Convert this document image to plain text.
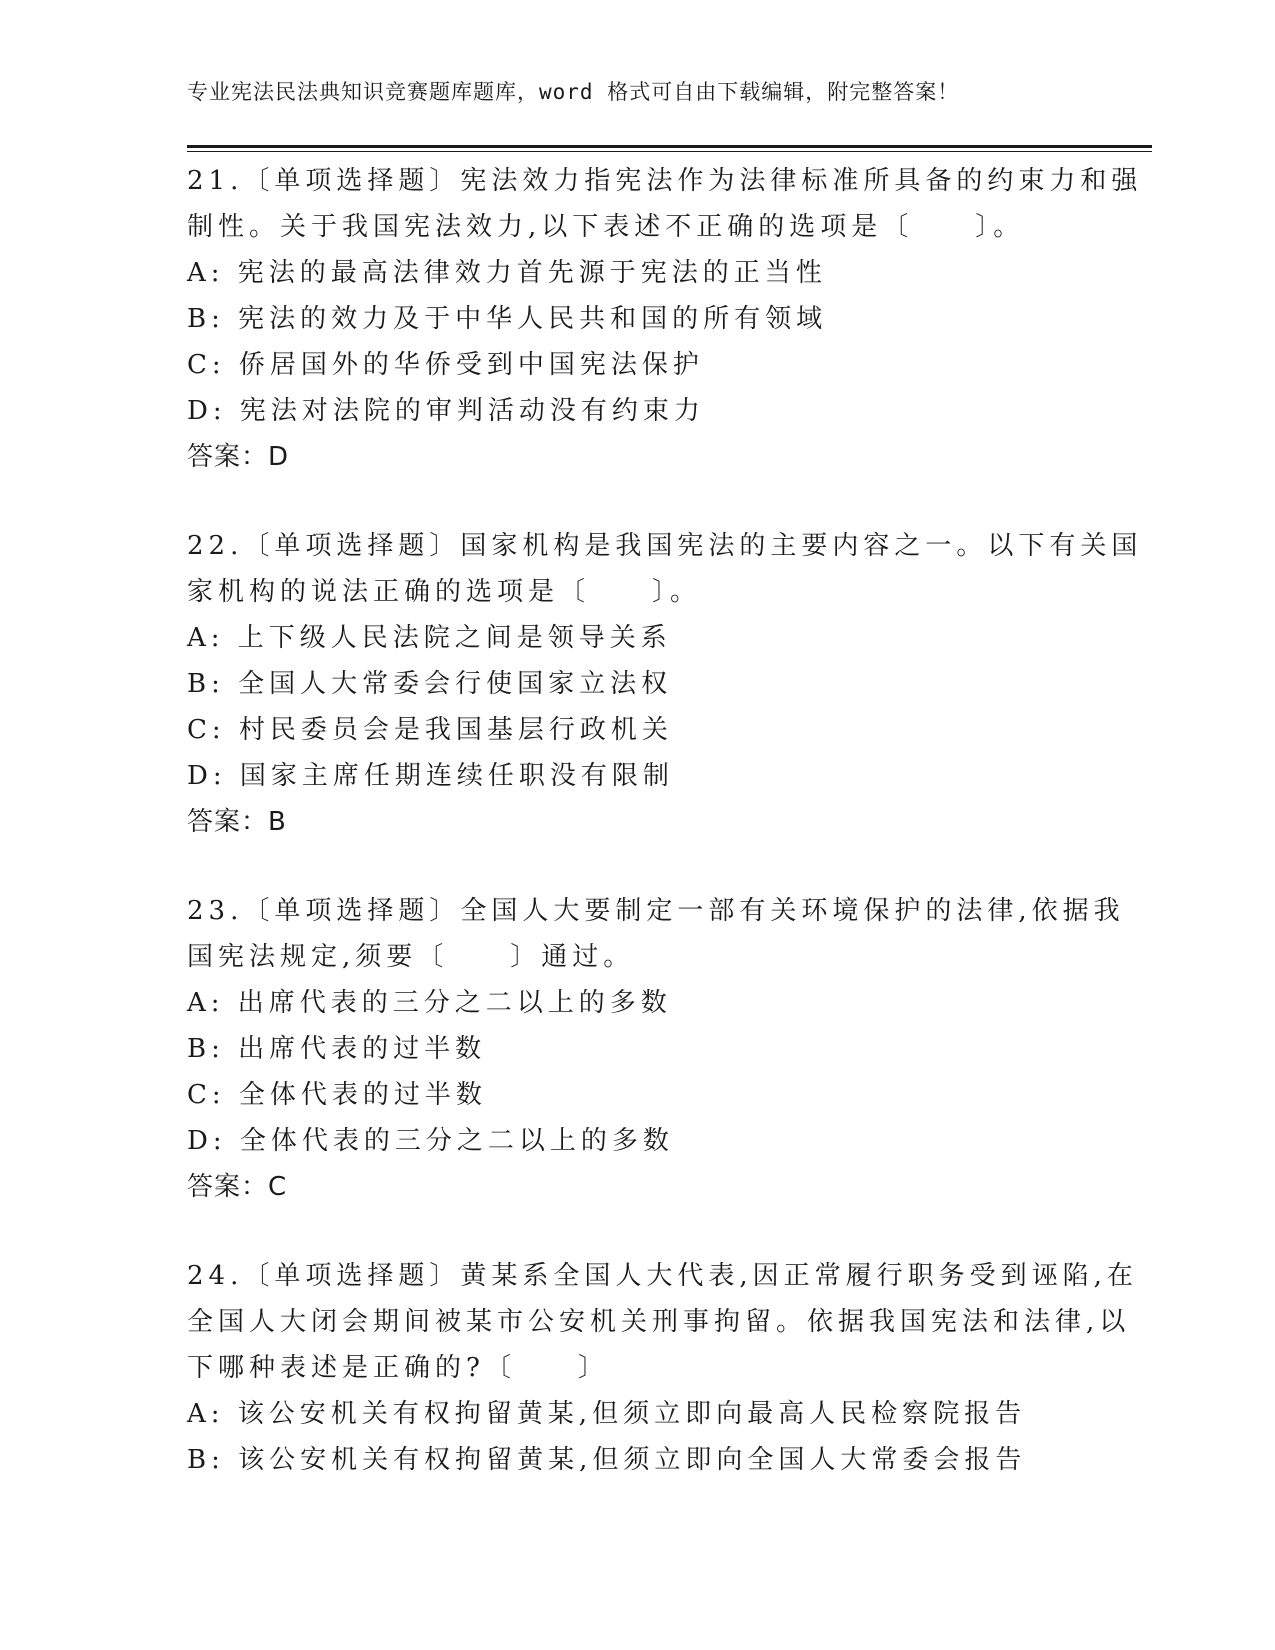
专业宪法民法典知识竞赛题库题库，word 格式可自由下载编辑，附完整答案！
21.〔单项选择题〕宪法效力指宪法作为法律标准所具备的约束力和强
制性。关于我国宪法效力,以下表述不正确的选项是〔　　〕。
A: 宪法的最高法律效力首先源于宪法的正当性
B: 宪法的效力及于中华人民共和国的所有领域
C: 侨居国外的华侨受到中国宪法保护
D: 宪法对法院的审判活动没有约束力
答案：D
22.〔单项选择题〕国家机构是我国宪法的主要内容之一。以下有关国
家机构的说法正确的选项是〔　　〕。
A: 上下级人民法院之间是领导关系
B: 全国人大常委会行使国家立法权
C: 村民委员会是我国基层行政机关
D: 国家主席任期连续任职没有限制
答案：B
23.〔单项选择题〕全国人大要制定一部有关环境保护的法律,依据我
国宪法规定,须要〔　　〕通过。
A: 出席代表的三分之二以上的多数
B: 出席代表的过半数
C: 全体代表的过半数
D: 全体代表的三分之二以上的多数
答案：C
24.〔单项选择题〕黄某系全国人大代表,因正常履行职务受到诬陷,在
全国人大闭会期间被某市公安机关刑事拘留。依据我国宪法和法律,以
下哪种表述是正确的?〔　　〕
A: 该公安机关有权拘留黄某,但须立即向最高人民检察院报告
B: 该公安机关有权拘留黄某,但须立即向全国人大常委会报告
